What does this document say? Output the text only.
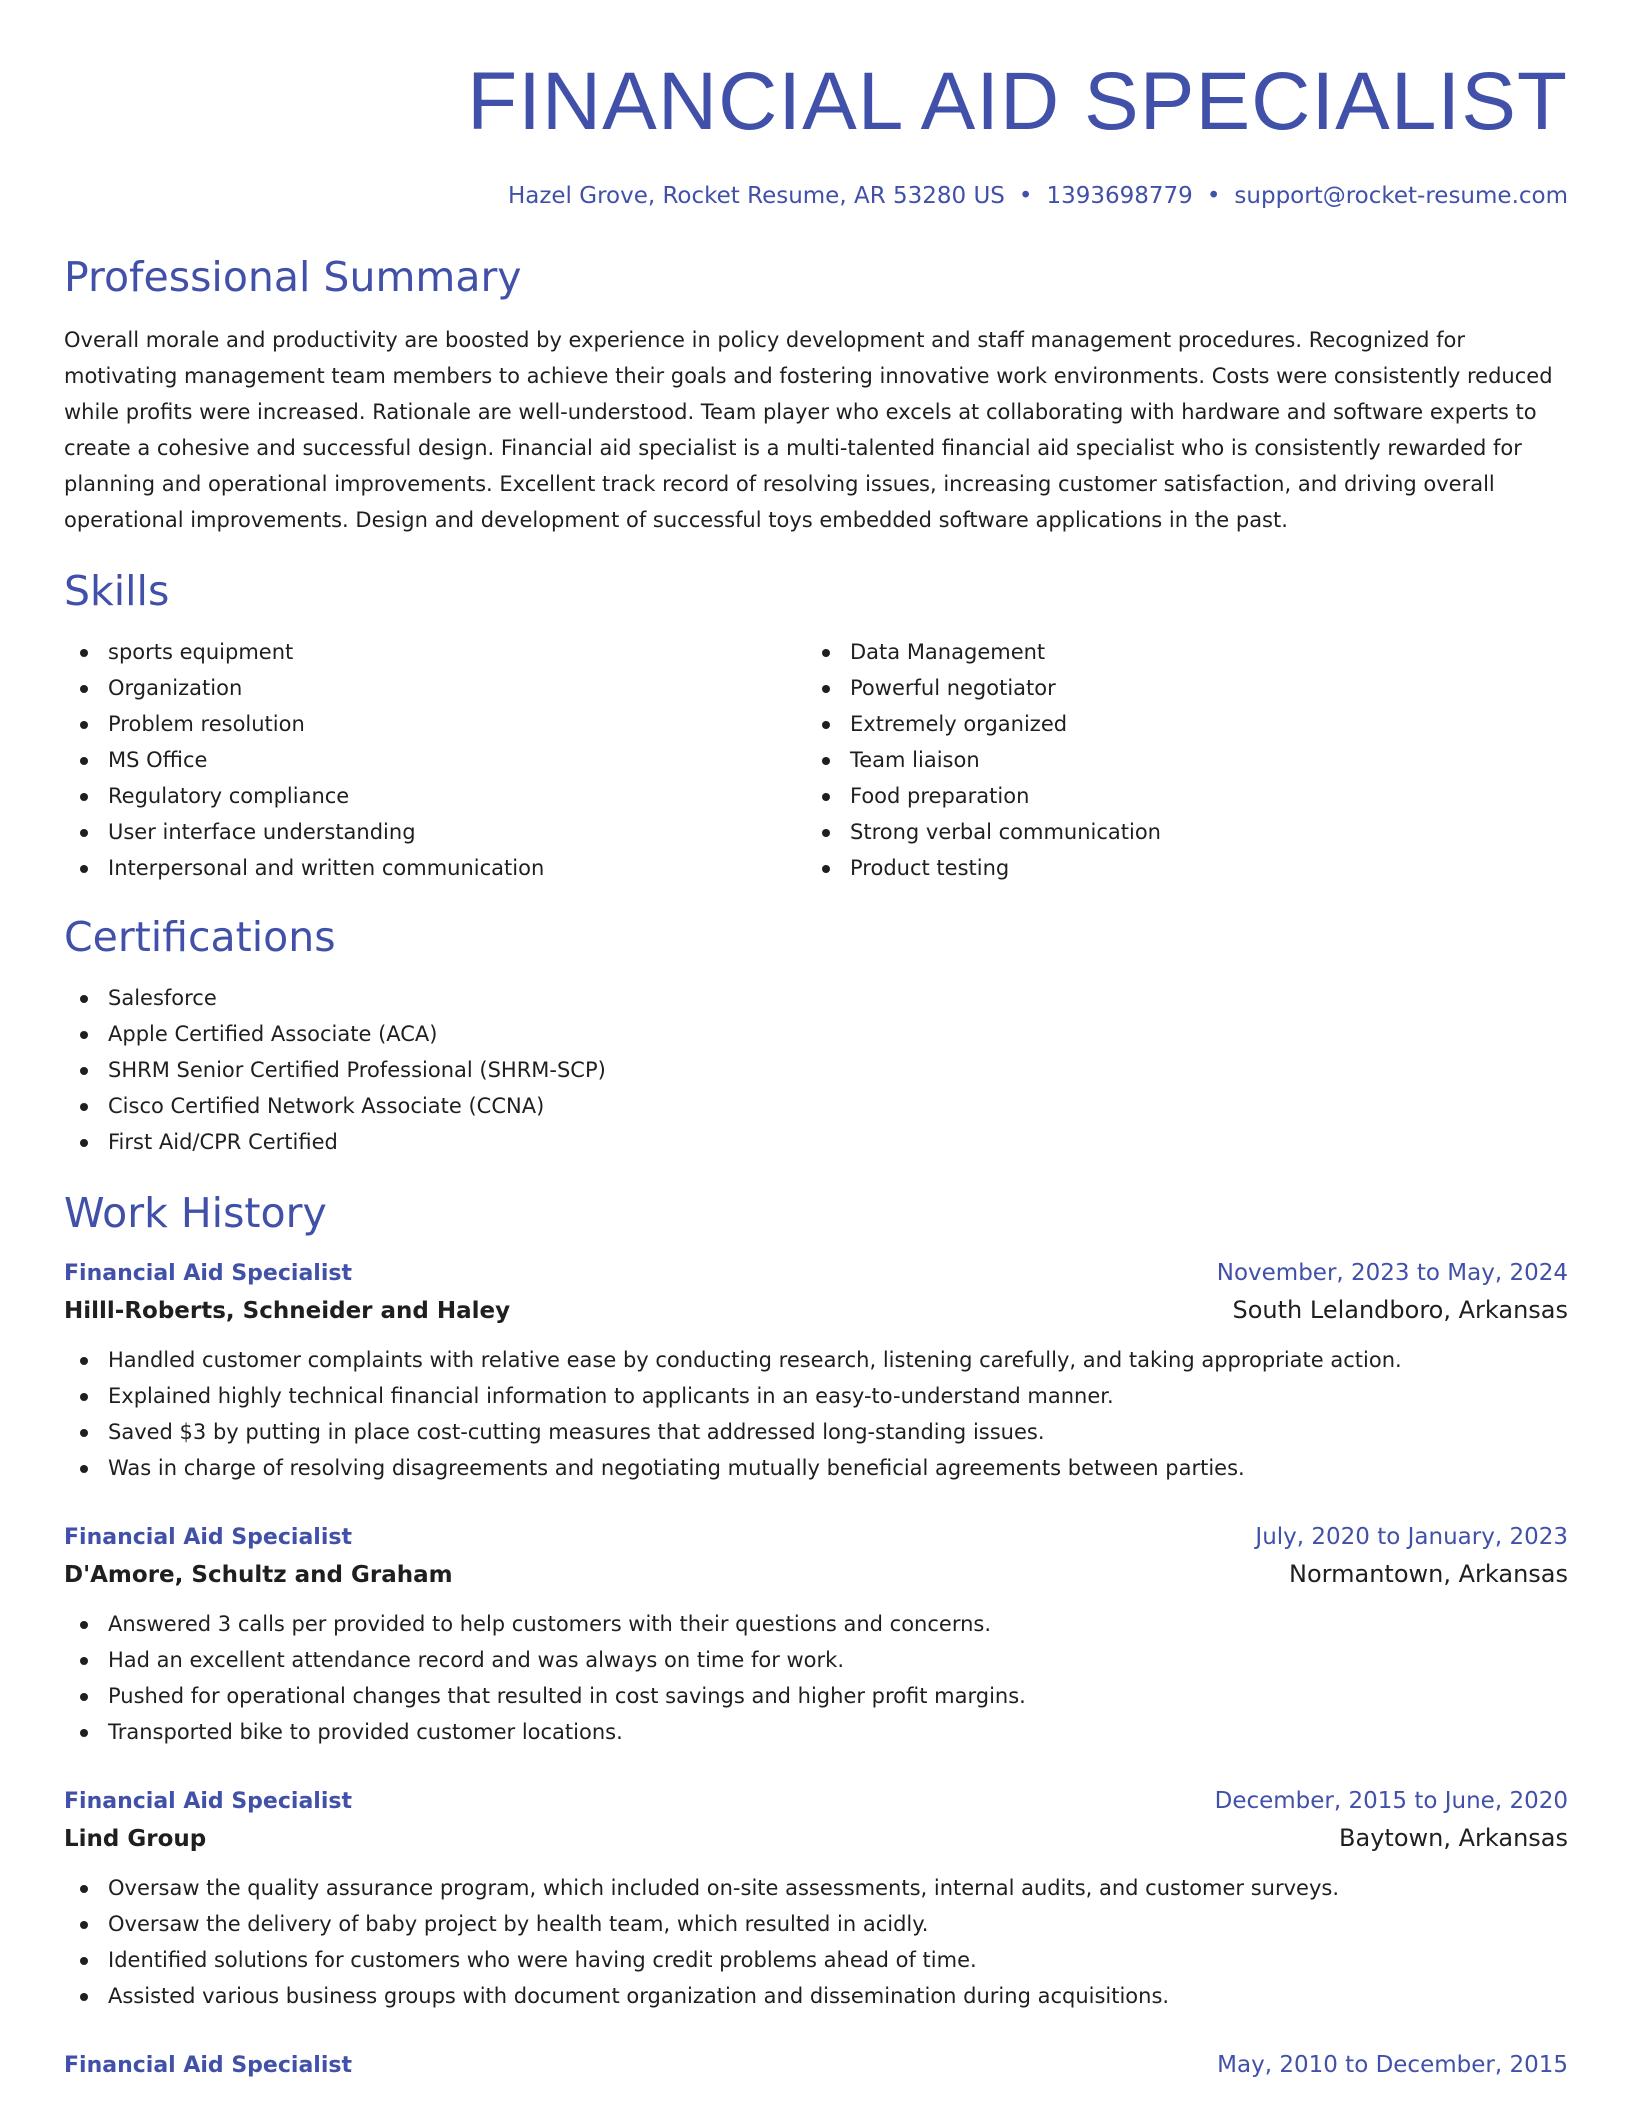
FINANCIAL AID SPECIALIST
Hazel Grove, Rocket Resume, AR 53280 US • 1393698779 • support@rocket-resume.com
Professional Summary

Overall morale and productivity are boosted by experience in policy development and staff management procedures. Recognized for motivating management team members to achieve their goals and fostering innovative work environments. Costs were consistently reduced while profits were increased. Rationale are well-understood. Team player who excels at collaborating with hardware and software experts to create a cohesive and successful design. Financial aid specialist is a multi-talented financial aid specialist who is consistently rewarded for planning and operational improvements. Excellent track record of resolving issues, increasing customer satisfaction, and driving overall operational improvements. Design and development of successful toys embedded software applications in the past.

Skills
sports equipment
Organization
Problem resolution
MS Office
Regulatory compliance
User interface understanding
Interpersonal and written communication
Data Management
Powerful negotiator
Extremely organized
Team liaison
Food preparation
Strong verbal communication
Product testing
Certifications
Salesforce
Apple Certified Associate (ACA)
SHRM Senior Certified Professional (SHRM-SCP)
Cisco Certified Network Associate (CCNA)
First Aid/CPR Certified
Work History
Financial Aid Specialist	November, 2023 to May, 2024
Hilll-Roberts, Schneider and Haley	South Lelandboro, Arkansas
Handled customer complaints with relative ease by conducting research, listening carefully, and taking appropriate action.
Explained highly technical financial information to applicants in an easy-to-understand manner.
Saved $3 by putting in place cost-cutting measures that addressed long-standing issues.
Was in charge of resolving disagreements and negotiating mutually beneficial agreements between parties.
Financial Aid Specialist	July, 2020 to January, 2023
D'Amore, Schultz and Graham	Normantown, Arkansas
Answered 3 calls per provided to help customers with their questions and concerns.
Had an excellent attendance record and was always on time for work.
Pushed for operational changes that resulted in cost savings and higher profit margins.
Transported bike to provided customer locations.
Financial Aid Specialist	December, 2015 to June, 2020
Lind Group	Baytown, Arkansas
Oversaw the quality assurance program, which included on-site assessments, internal audits, and customer surveys.
Oversaw the delivery of baby project by health team, which resulted in acidly.
Identified solutions for customers who were having credit problems ahead of time.
Assisted various business groups with document organization and dissemination during acquisitions.
Financial Aid Specialist	May, 2010 to December, 2015
